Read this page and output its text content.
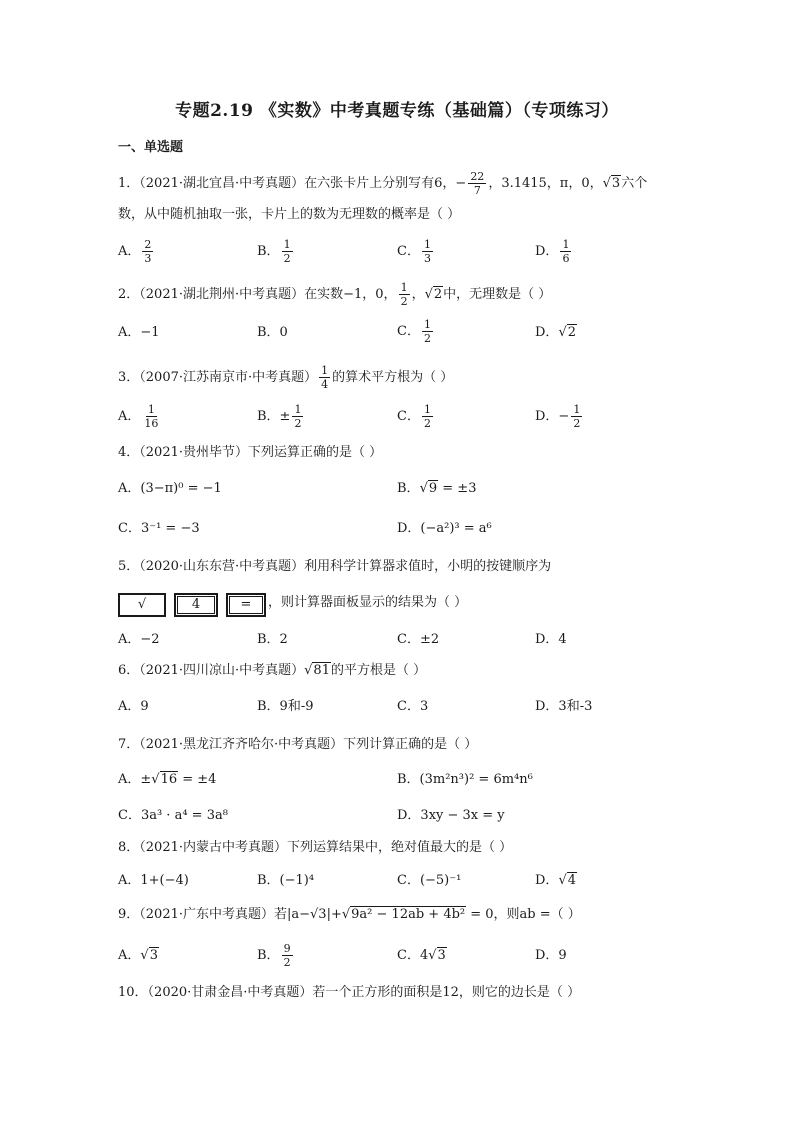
专题2.19 《实数》中考真题专练（基础篇）（专项练习）
一、单选题
1．（2021·湖北宜昌·中考真题）在六张卡片上分别写有6，− $\frac{22}{7}$ ，3.1415，π，0，√3六个
数，从中随机抽取一张，卡片上的数为无理数的概率是（ ）
A． $\frac{2}{3}$	B． $\frac{1}{2}$	C． $\frac{1}{3}$	D． $\frac{1}{6}$
2．（2021·湖北荆州·中考真题）在实数−1，0， $\frac{1}{2}$ ，√2中，无理数是（ ）
A．−1	B．0	C． $\frac{1}{2}$	D．√2
3．（2007·江苏南京市·中考真题） $\frac{1}{4}$ 的算术平方根为（ ）
A． $\frac{1}{16}$	B．± $\frac{1}{2}$	C． $\frac{1}{2}$	D．− $\frac{1}{2}$
4．（2021·贵州毕节）下列运算正确的是（ ）
A．(3−π)⁰ = −1	B．√9 = ±3
C．3⁻¹ = −3	D．(−a²)³ = a⁶
5．（2020·山东东营·中考真题）利用科学计算器求值时，小明的按键顺序为
√	4	=	，则计算器面板显示的结果为（ ）
A．−2	B．2	C．±2	D．4
6．（2021·四川凉山·中考真题）√81的平方根是（ ）
A．9	B．9和-9	C．3	D．3和-3
7．（2021·黑龙江齐齐哈尔·中考真题）下列计算正确的是（ ）
A．±√16 = ±4	B．(3m²n³)² = 6m⁴n⁶
C．3a³ · a⁴ = 3a⁸	D．3xy − 3x = y
8．（2021·内蒙古中考真题）下列运算结果中，绝对值最大的是（ ）
A．1+(−4)	B．(−1)⁴	C．(−5)⁻¹	D．√4
9．（2021·广东中考真题）若|a−√3|+√9a² − 12ab + 4b² = 0，则ab =（ ）
A．√3	B． $\frac{9}{2}$	C．4√3	D．9
10．（2020·甘肃金昌·中考真题）若一个正方形的面积是12，则它的边长是（ ）
